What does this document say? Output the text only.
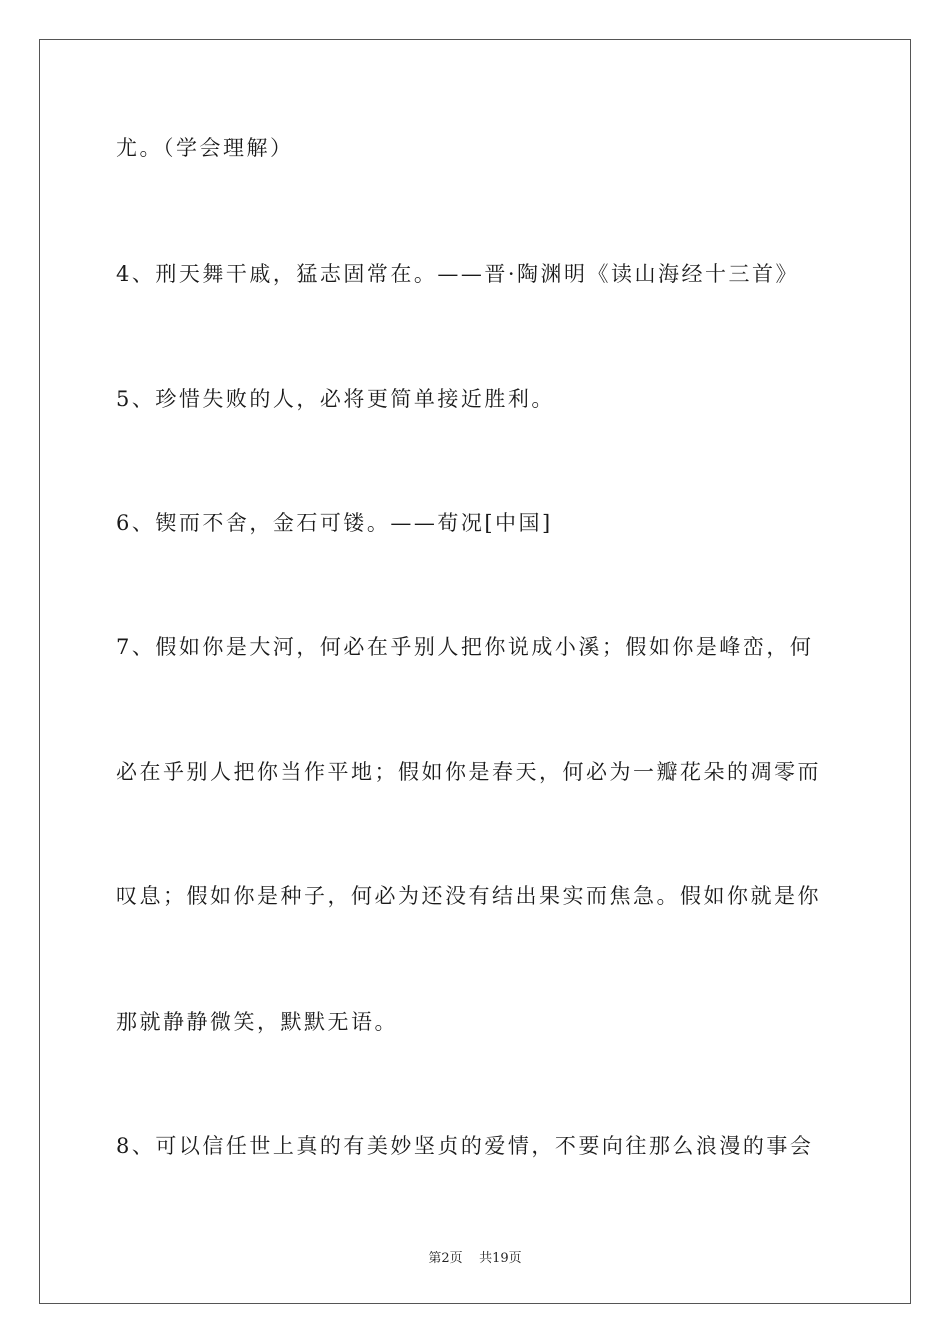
尤。（学会理解）
4、刑天舞干戚，猛志固常在。——晋·陶渊明《读山海经十三首》
5、珍惜失败的人，必将更简单接近胜利。
6、锲而不舍，金石可镂。——荀况[中国]
7、假如你是大河，何必在乎别人把你说成小溪；假如你是峰峦，何
必在乎别人把你当作平地；假如你是春天，何必为一瓣花朵的凋零而
叹息；假如你是种子，何必为还没有结出果实而焦急。假如你就是你
那就静静微笑，默默无语。
8、可以信任世上真的有美妙坚贞的爱情，不要向往那么浪漫的事会
第2页 共19页
